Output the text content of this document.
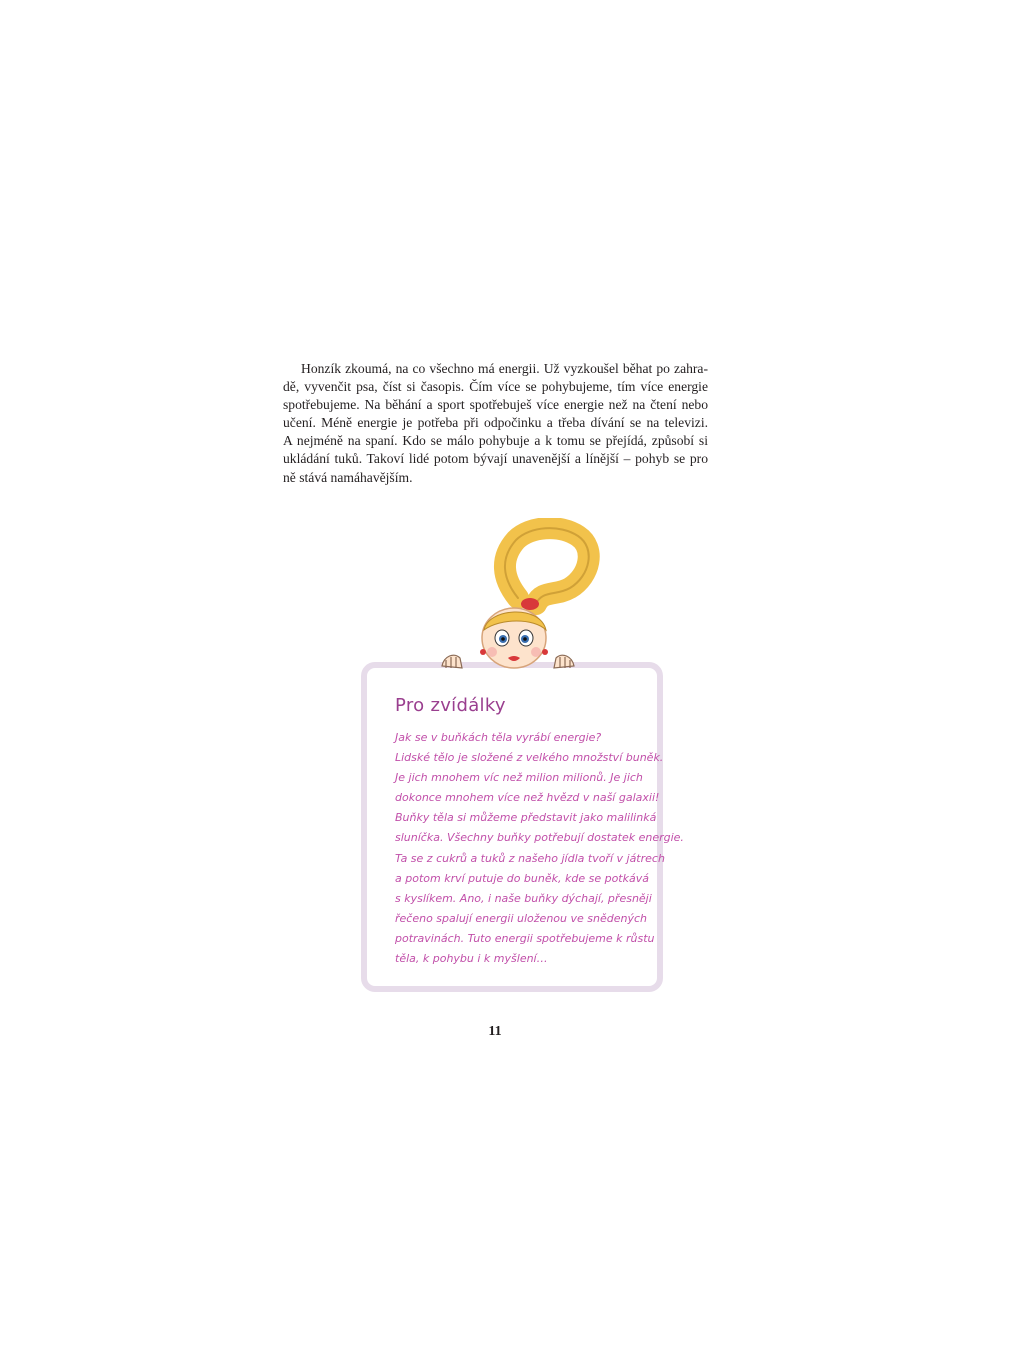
Honzík zkoumá, na co všechno má energii. Už vyzkoušel běhat po zahra-
dě, vyvenčit psa, číst si časopis. Čím více se pohybujeme, tím více energie
spotřebujeme. Na běhání a sport spotřebuješ více energie než na čtení nebo
učení. Méně energie je potřeba při odpočinku a třeba dívání se na televizi.
A nejméně na spaní. Kdo se málo pohybuje a k tomu se přejídá, způsobí si
ukládání tuků. Takoví lidé potom bývají unavenější a línější – pohyb se pro
ně stává namáhavějším.

Pro zvídálky

Jak se v buňkách těla vyrábí energie?
Lidské tělo je složené z velkého množství buněk.
Je jich mnohem víc než milion milionů. Je jich
dokonce mnohem více než hvězd v naší galaxii!
Buňky těla si můžeme představit jako malilinká
sluníčka. Všechny buňky potřebují dostatek energie.
Ta se z cukrů a tuků z našeho jídla tvoří v játrech
a potom krví putuje do buněk, kde se potkává
s kyslíkem. Ano, i naše buňky dýchají, přesněji
řečeno spalují energii uloženou ve snědených
potravinách. Tuto energii spotřebujeme k růstu
těla, k pohybu i k myšlení…

11
